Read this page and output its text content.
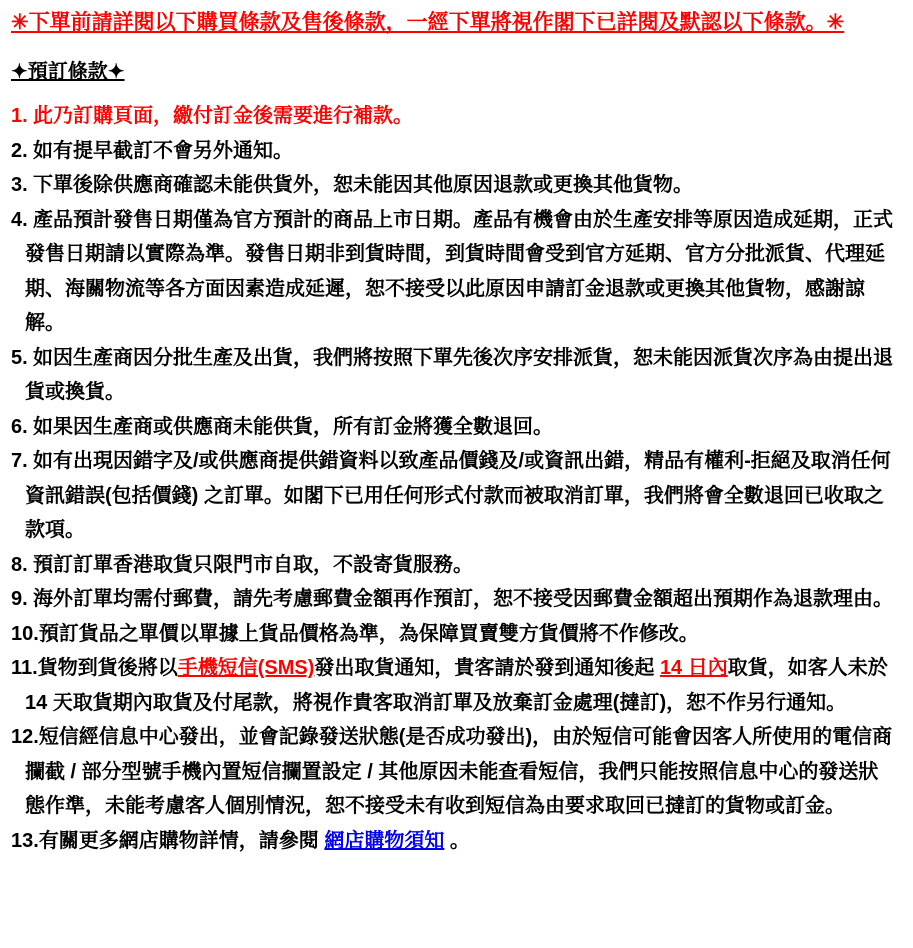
✳下單前請詳閱以下購買條款及售後條款，一經下單將視作閣下已詳閱及默認以下條款。✳
✦預訂條款✦
1. 此乃訂購頁面，繳付訂金後需要進行補款。
2. 如有提早截訂不會另外通知。
3. 下單後除供應商確認未能供貨外，恕未能因其他原因退款或更換其他貨物。
4. 產品預計發售日期僅為官方預計的商品上市日期。產品有機會由於生產安排等原因造成延期，正式發售日期請以實際為準。發售日期非到貨時間，到貨時間會受到官方延期、官方分批派貨、代理延期、海關物流等各方面因素造成延遲，恕不接受以此原因申請訂金退款或更換其他貨物，感謝諒解。
5. 如因生產商因分批生產及出貨，我們將按照下單先後次序安排派貨，恕未能因派貨次序為由提出退貨或換貨。
6. 如果因生產商或供應商未能供貨，所有訂金將獲全數退回。
7. 如有出現因錯字及/或供應商提供錯資料以致產品價錢及/或資訊出錯，精品有權利-拒絕及取消任何資訊錯誤(包括價錢) 之訂單。如閣下已用任何形式付款而被取消訂單，我們將會全數退回已收取之款項。
8. 預訂訂單香港取貨只限門市自取，不設寄貨服務。
9. 海外訂單均需付郵費，請先考慮郵費金額再作預訂，恕不接受因郵費金額超出預期作為退款理由。
10.預訂貨品之單價以單據上貨品價格為準，為保障買賣雙方貨價將不作修改。
11.貨物到貨後將以手機短信(SMS)發出取貨通知，貴客請於發到通知後起 14 日內取貨，如客人未於 14 天取貨期內取貨及付尾款，將視作貴客取消訂單及放棄訂金處理(撻訂)，恕不作另行通知。
12.短信經信息中心發出，並會記錄發送狀態(是否成功發出)，由於短信可能會因客人所使用的電信商攔截 / 部分型號手機內置短信攔置設定 / 其他原因未能查看短信，我們只能按照信息中心的發送狀態作準，未能考慮客人個別情況，恕不接受未有收到短信為由要求取回已撻訂的貨物或訂金。
13.有關更多網店購物詳情，請參閱 網店購物須知 。
